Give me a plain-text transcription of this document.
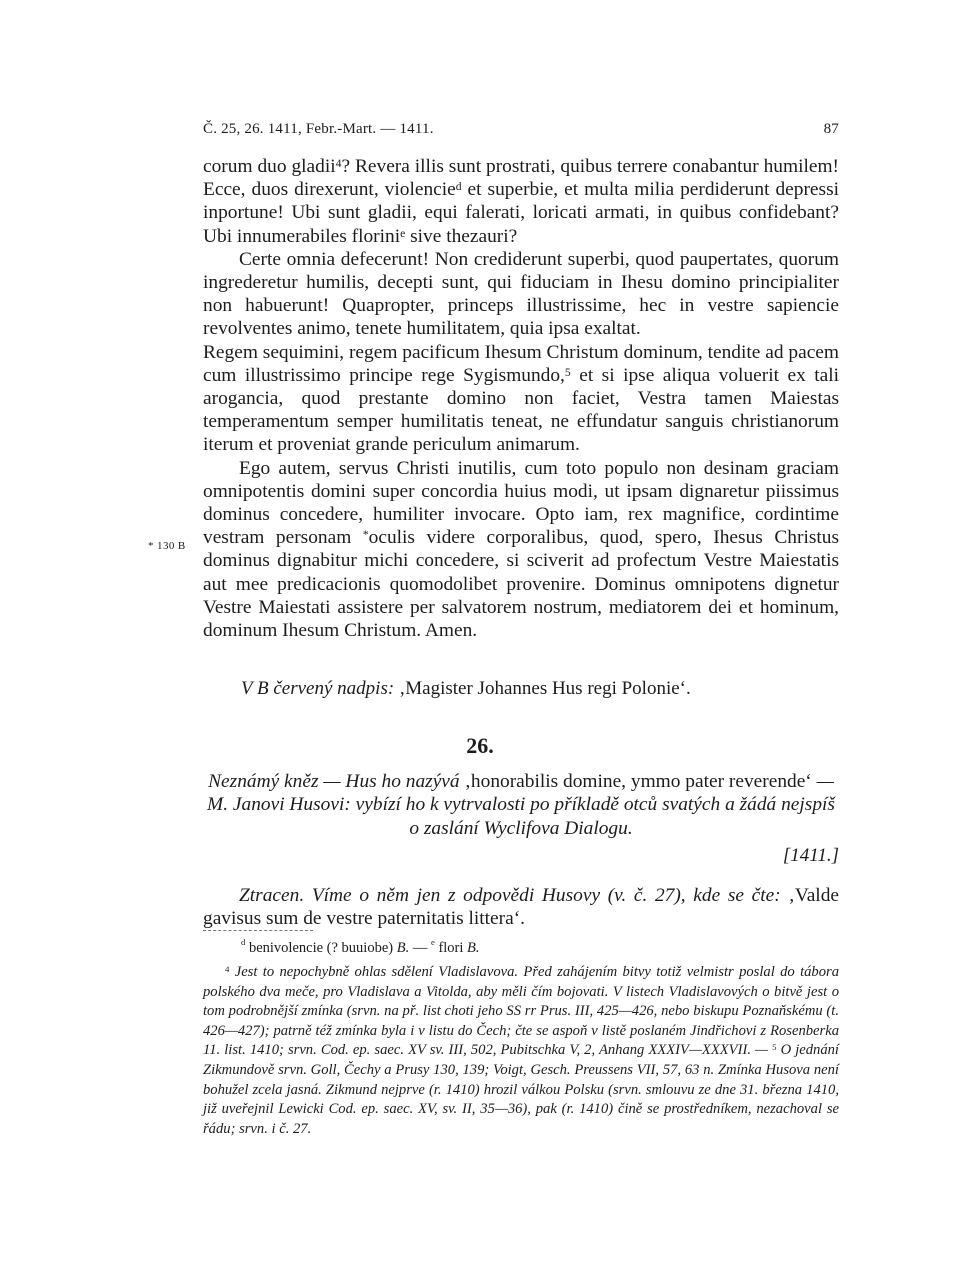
Č. 25, 26. 1411, Febr.-Mart. — 1411.	87
* 130 B

corum duo gladii$^4$? Revera illis sunt prostrati, quibus terrere conabantur humilem! Ecce, duos direxerunt, violencie$^d$ et superbie, et multa milia perdiderunt depressi inportune! Ubi sunt gladii, equi falerati, loricati armati, in quibus confidebant? Ubi innumerabiles florini$^e$ sive thezauri?

Certe omnia defecerunt! Non crediderunt superbi, quod paupertates, quorum ingrederetur humilis, decepti sunt, qui fiduciam in Ihesu domino principialiter non habuerunt! Quapropter, princeps illustrissime, hec in vestre sapiencie revolventes animo, tenete humilitatem, quia ipsa exaltat.

Regem sequimini, regem pacificum Ihesum Christum dominum, tendite ad pacem cum illustrissimo principe rege Sygismundo,$^5$ et si ipse aliqua voluerit ex tali arogancia, quod prestante domino non faciet, Vestra tamen Maiestas temperamentum semper humilitatis teneat, ne effundatur sanguis christianorum iterum et proveniat grande periculum animarum.

Ego autem, servus Christi inutilis, cum toto populo non desinam graciam omnipotentis domini super concordia huius modi, ut ipsam dignaretur piissimus dominus concedere, humiliter invocare. Opto iam, rex magnifice, cordintime vestram personam *oculis videre corporalibus, quod, spero, Ihesus Christus dominus dignabitur michi concedere, si sciverit ad profectum Vestre Maiestatis aut mee predicacionis quomodolibet provenire. Dominus omnipotens dignetur Vestre Maiestati assistere per salvatorem nostrum, mediatorem dei et hominum, dominum Ihesum Christum. Amen.

V B červený nadpis: ‚Magister Johannes Hus regi Polonie‘.
26.

Neznámý kněz — Hus ho nazývá ‚honorabilis domine, ymmo pater reverende‘ — M. Janovi Husovi: vybízí ho k vytrvalosti po příkladě otců svatých a žádá nejspíš o zaslání Wyclifova Dialogu.

[1411.]

Ztracen. Víme o něm jen z odpovědi Husovy (v. č. 27), kde se čte: ‚Valde gavisus sum de vestre paternitatis littera‘.

$^d$ benivolencie (? buuiobe) B. — $^e$ flori B.

$^4$ Jest to nepochybně ohlas sdělení Vladislavova. Před zahájením bitvy totiž velmistr poslal do tábora polského dva meče, pro Vladislava a Vitolda, aby měli čím bojovati. V listech Vladislavových o bitvě jest o tom podrobnější zmínka (srvn. na př. list choti jeho SS rr Prus. III, 425—426, nebo biskupu Poznaňskému (t. 426—427); patrně též zmínka byla i v listu do Čech; čte se aspoň v listě poslaném Jindřichovi z Rosenberka 11. list. 1410; srvn. Cod. ep. saec. XV sv. III, 502, Pubitschka V, 2, Anhang XXXIV—XXXVII. — $^5$ O jednání Zikmundově srvn. Goll, Čechy a Prusy 130, 139; Voigt, Gesch. Preussens VII, 57, 63 n. Zmínka Husova není bohužel zcela jasná. Zikmund nejprve (r. 1410) hrozil válkou Polsku (srvn. smlouvu ze dne 31. března 1410, již uveřejnil Lewicki Cod. ep. saec. XV, sv. II, 35—36), pak (r. 1410) čině se prostředníkem, nezachoval se řádu; srvn. i č. 27.
